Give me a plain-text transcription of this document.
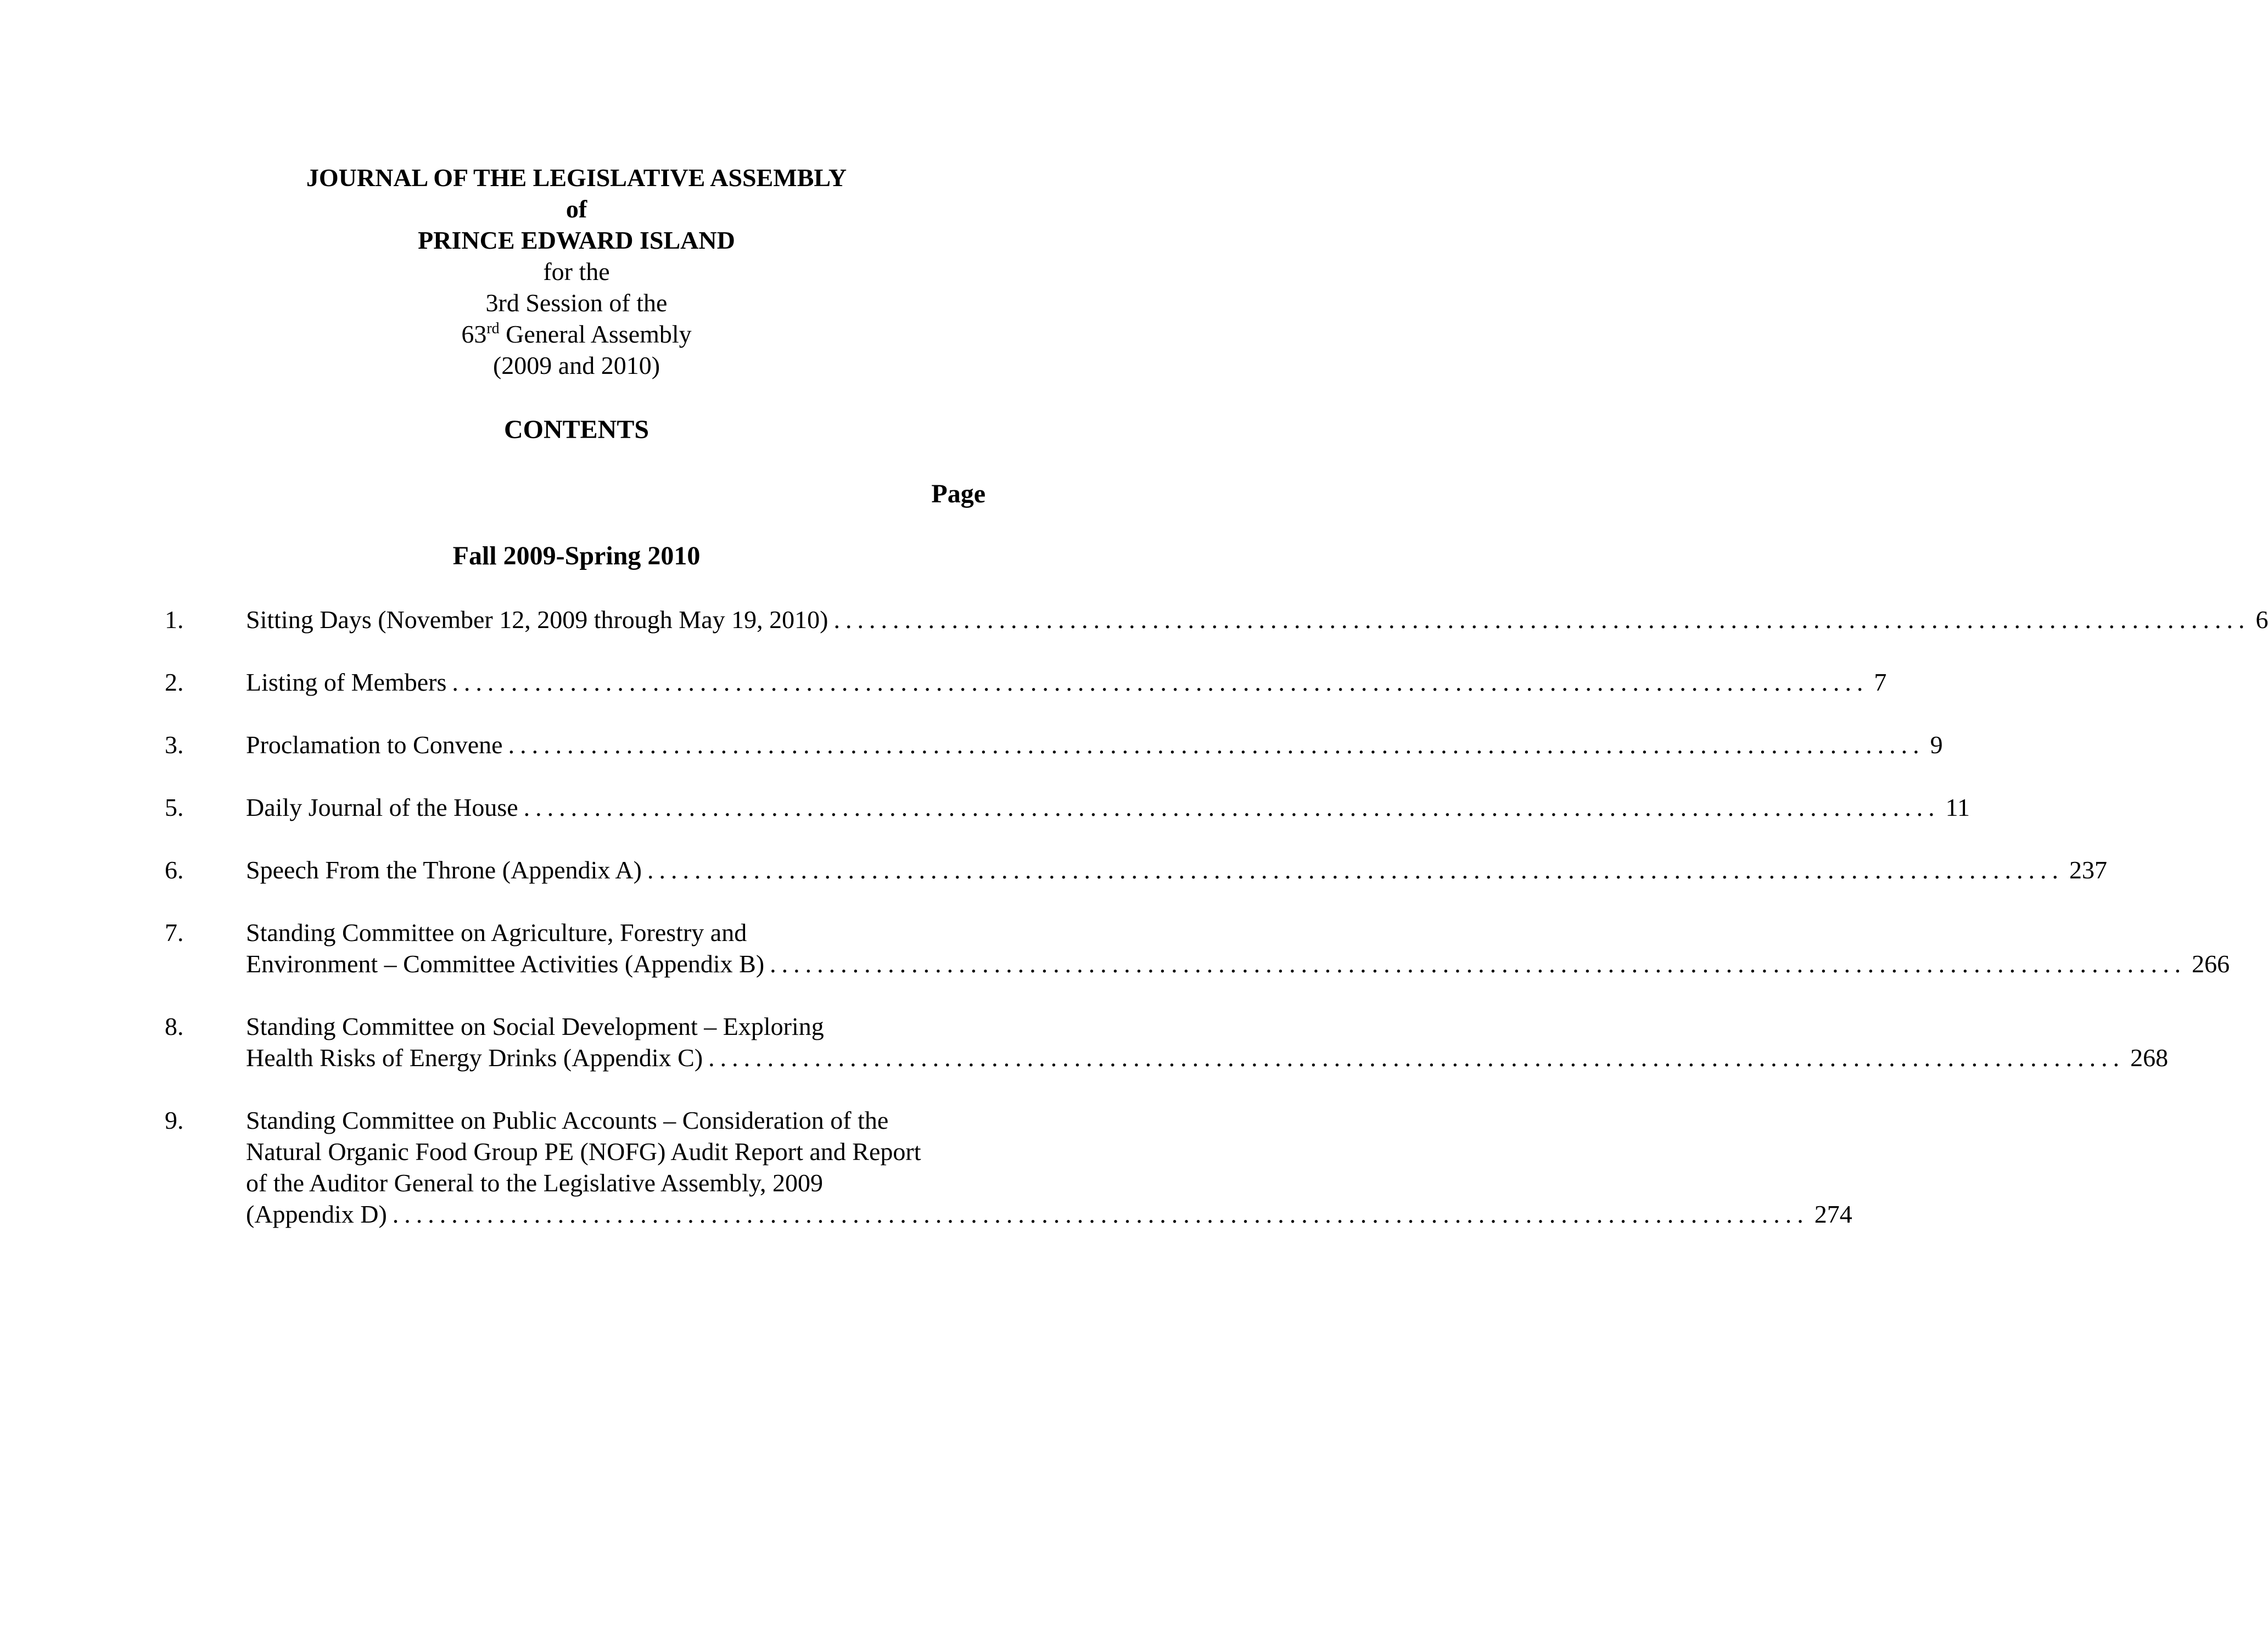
JOURNAL OF THE LEGISLATIVE ASSEMBLY
of
PRINCE EDWARD ISLAND
for the
3rd Session of the
63rd General Assembly
(2009 and 2010)
CONTENTS
Page
Fall 2009-Spring 2010
1.	Sitting Days (November 12, 2009 through May 19, 2010) ........................................................................................................................ 6
2.	Listing of Members ........................................................................................................................ 7
3.	Proclamation to Convene ........................................................................................................................ 9
5.	Daily Journal of the House ........................................................................................................................ 11
6.	Speech From the Throne (Appendix A) ........................................................................................................................ 237
7.	Standing Committee on Agriculture, Forestry and
Environment – Committee Activities (Appendix B) ........................................................................................................................ 266
8.	Standing Committee on Social Development – Exploring
Health Risks of Energy Drinks (Appendix C) ........................................................................................................................ 268
9.	Standing Committee on Public Accounts – Consideration of the
Natural Organic Food Group PE (NOFG) Audit Report and Report
of the Auditor General to the Legislative Assembly, 2009
(Appendix D) ........................................................................................................................ 274
